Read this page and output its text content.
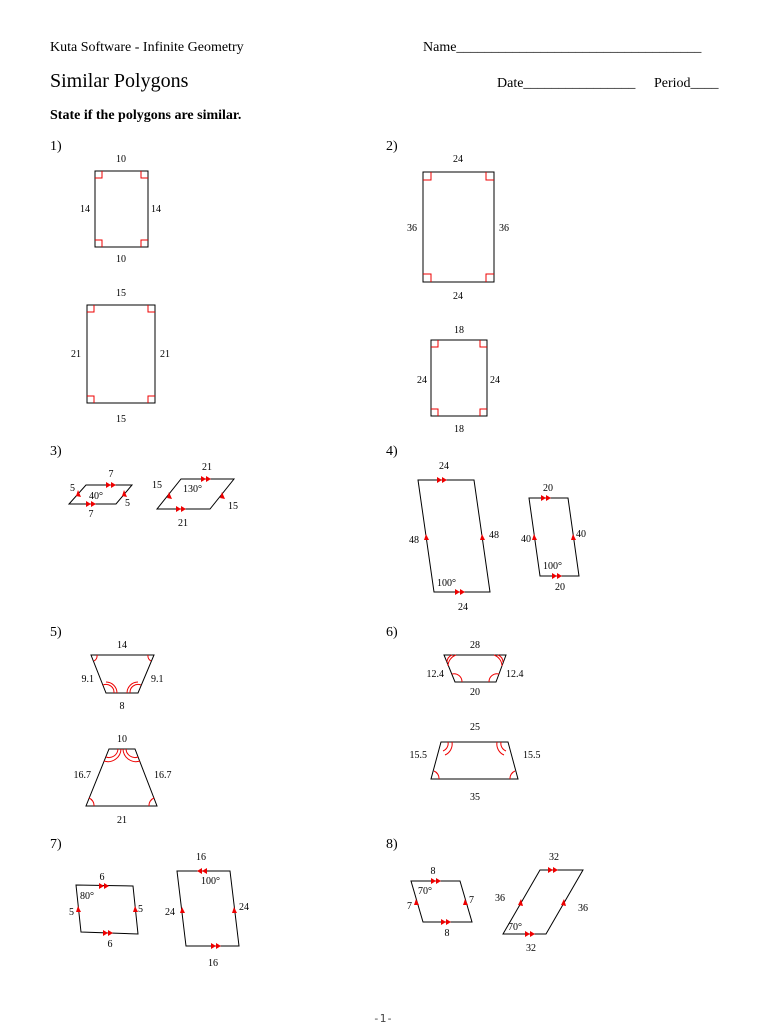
Kuta Software - Infinite Geometry	Name___________________________________
Similar Polygons	Date________________ Period____
State if the polygons are similar.
1)	2)
3)	4)
5)	6)
7)	8)
10
14	14
10
15
21	21
15
24
36	36
24
18
24	24
18
7
5
5
7
40°
21
15
15
21
130°
24
48	48
24
100°
20
40	40
20
100°
14
9.1	9.1
8
10
16.7	16.7
21
28
12.4	12.4
20
25
15.5	15.5
35
6
5	5
6
80°
16
24	24
16
100°
8
7
7
8
70°
32
36
36
32
70°
-1-
